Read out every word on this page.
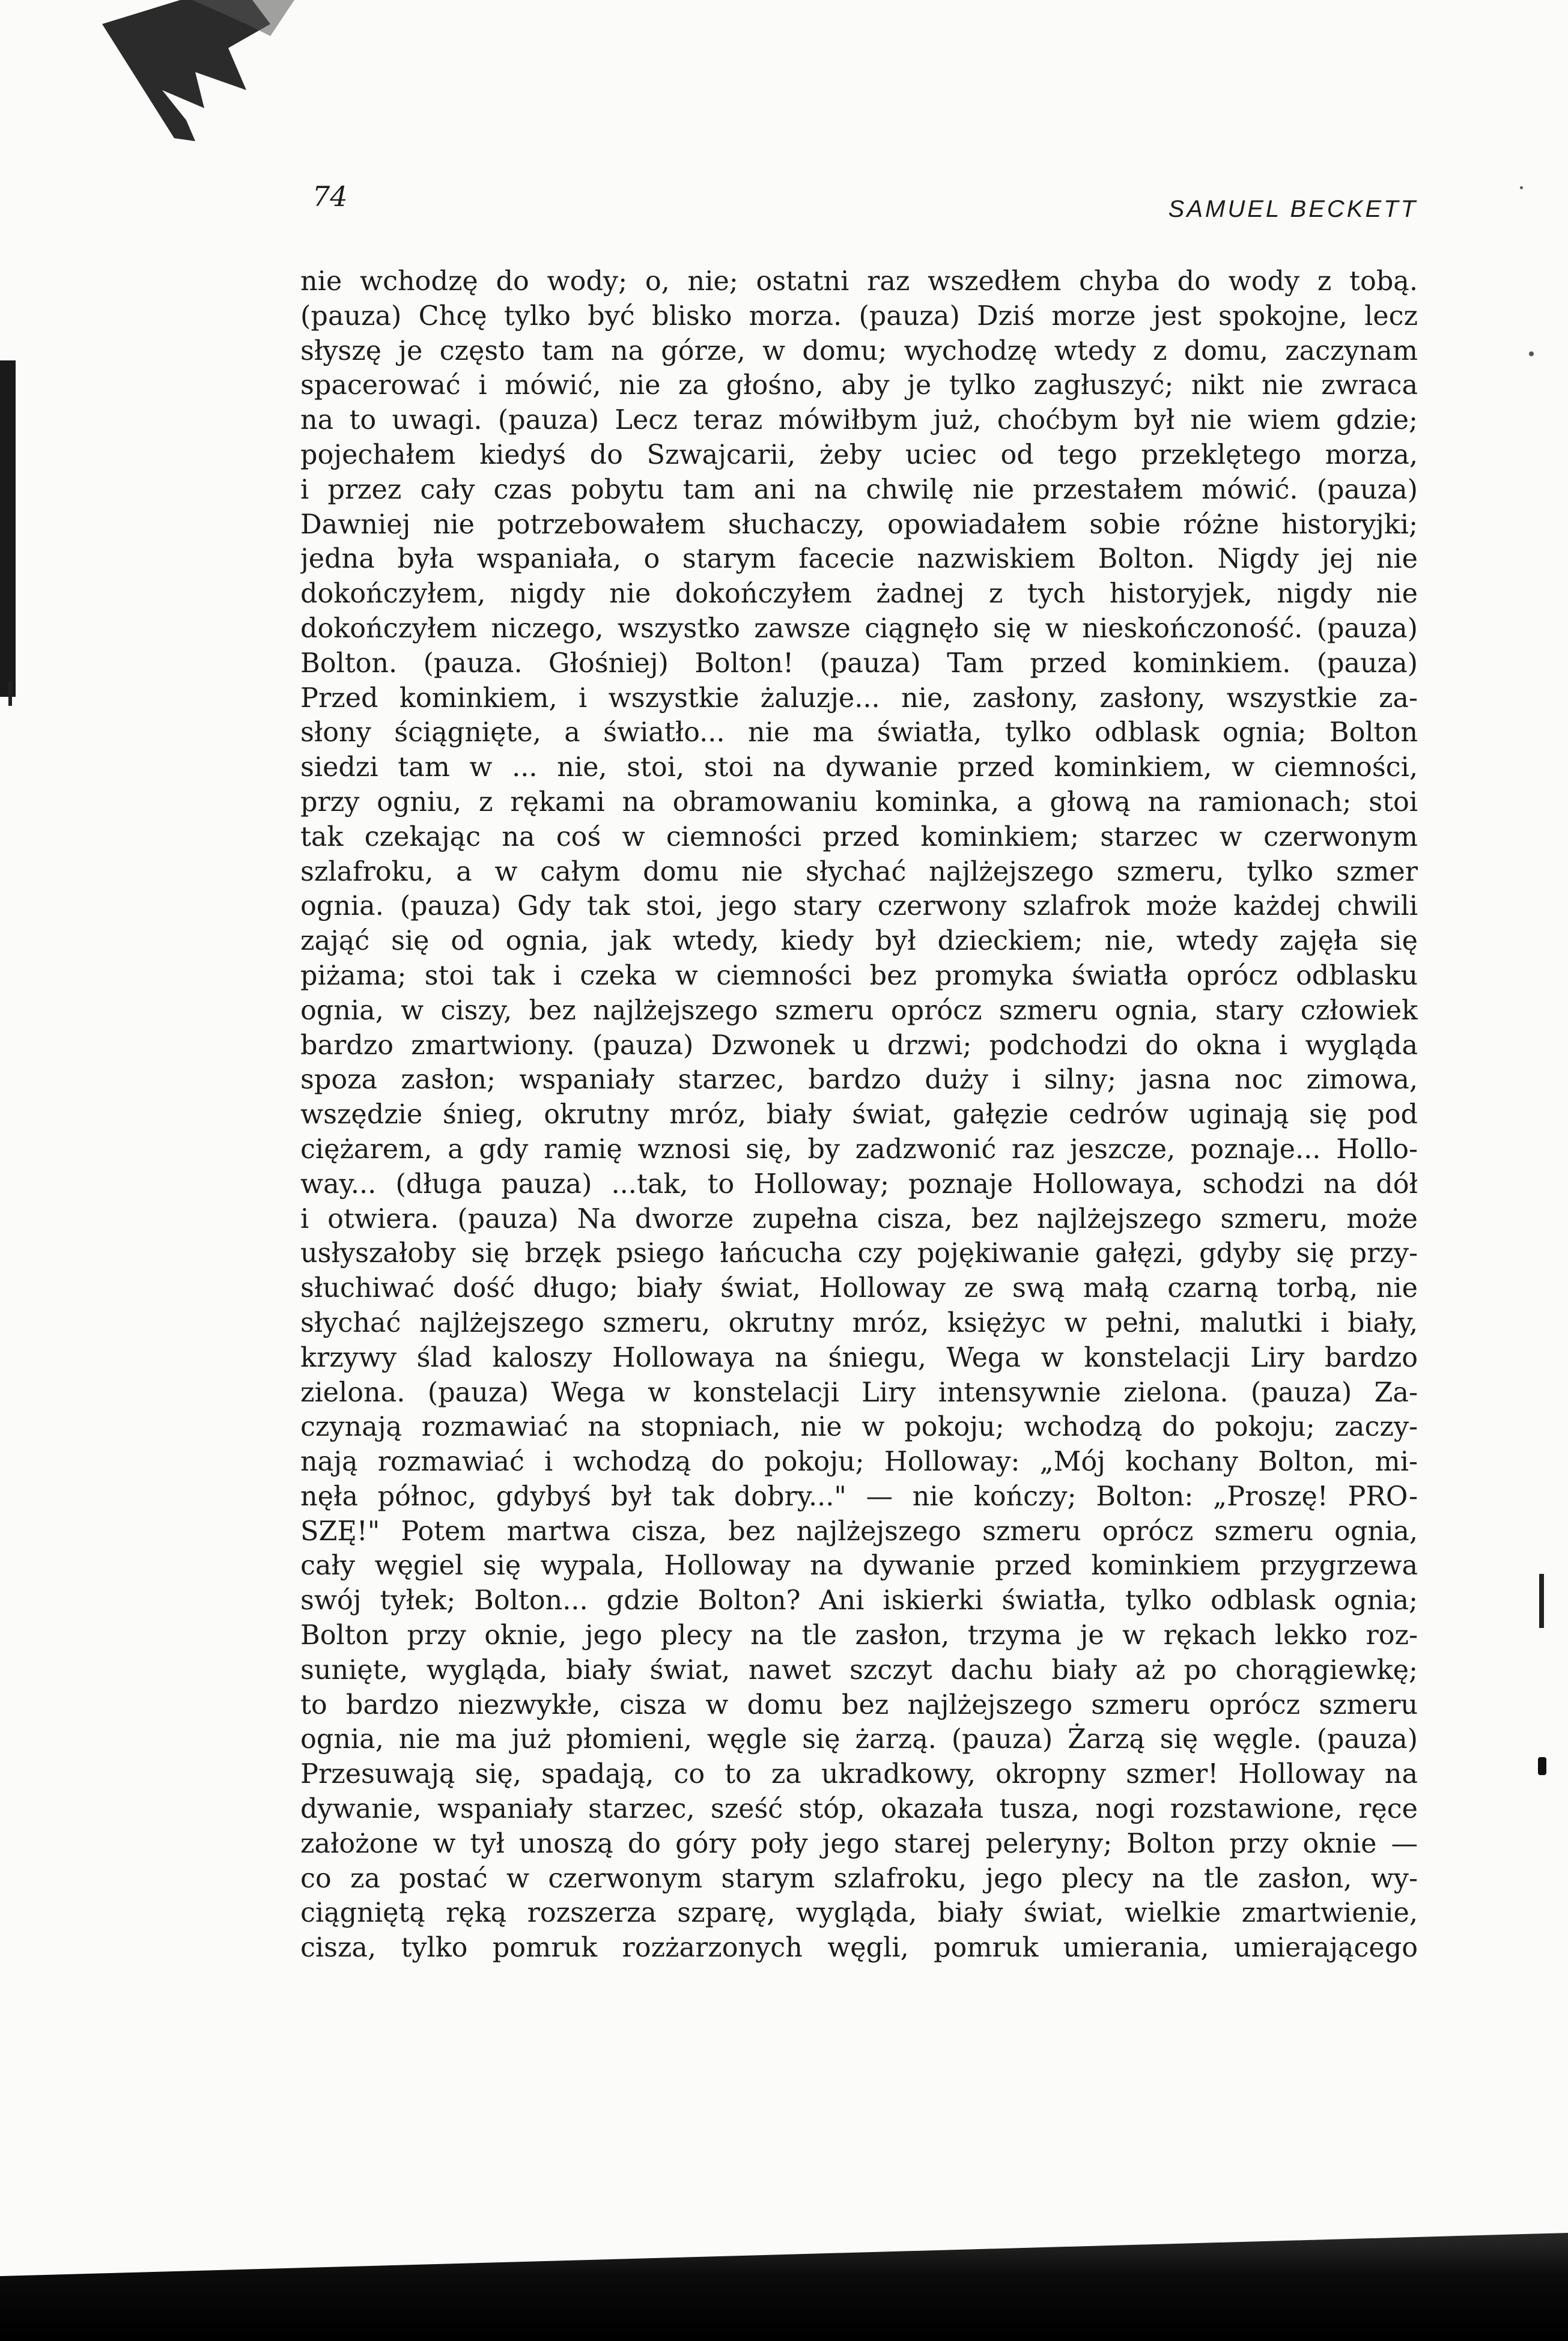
74	SAMUEL BECKETT
nie wchodzę do wody; o, nie; ostatni raz wszedłem chyba do wody z tobą.
(pauza) Chcę tylko być blisko morza. (pauza) Dziś morze jest spokojne, lecz
słyszę je często tam na górze, w domu; wychodzę wtedy z domu, zaczynam
spacerować i mówić, nie za głośno, aby je tylko zagłuszyć; nikt nie zwraca
na to uwagi. (pauza) Lecz teraz mówiłbym już, choćbym był nie wiem gdzie;
pojechałem kiedyś do Szwajcarii, żeby uciec od tego przeklętego morza,
i przez cały czas pobytu tam ani na chwilę nie przestałem mówić. (pauza)
Dawniej nie potrzebowałem słuchaczy, opowiadałem sobie różne historyjki;
jedna była wspaniała, o starym facecie nazwiskiem Bolton. Nigdy jej nie
dokończyłem, nigdy nie dokończyłem żadnej z tych historyjek, nigdy nie
dokończyłem niczego, wszystko zawsze ciągnęło się w nieskończoność. (pauza)
Bolton. (pauza. Głośniej) Bolton! (pauza) Tam przed kominkiem. (pauza)
Przed kominkiem, i wszystkie żaluzje... nie, zasłony, zasłony, wszystkie za-
słony ściągnięte, a światło... nie ma światła, tylko odblask ognia; Bolton
siedzi tam w ... nie, stoi, stoi na dywanie przed kominkiem, w ciemności,
przy ogniu, z rękami na obramowaniu kominka, a głową na ramionach; stoi
tak czekając na coś w ciemności przed kominkiem; starzec w czerwonym
szlafroku, a w całym domu nie słychać najlżejszego szmeru, tylko szmer
ognia. (pauza) Gdy tak stoi, jego stary czerwony szlafrok może każdej chwili
zająć się od ognia, jak wtedy, kiedy był dzieckiem; nie, wtedy zajęła się
piżama; stoi tak i czeka w ciemności bez promyka światła oprócz odblasku
ognia, w ciszy, bez najlżejszego szmeru oprócz szmeru ognia, stary człowiek
bardzo zmartwiony. (pauza) Dzwonek u drzwi; podchodzi do okna i wygląda
spoza zasłon; wspaniały starzec, bardzo duży i silny; jasna noc zimowa,
wszędzie śnieg, okrutny mróz, biały świat, gałęzie cedrów uginają się pod
ciężarem, a gdy ramię wznosi się, by zadzwonić raz jeszcze, poznaje... Hollo-
way... (długa pauza) ...tak, to Holloway; poznaje Hollowaya, schodzi na dół
i otwiera. (pauza) Na dworze zupełna cisza, bez najlżejszego szmeru, może
usłyszałoby się brzęk psiego łańcucha czy pojękiwanie gałęzi, gdyby się przy-
słuchiwać dość długo; biały świat, Holloway ze swą małą czarną torbą, nie
słychać najlżejszego szmeru, okrutny mróz, księżyc w pełni, malutki i biały,
krzywy ślad kaloszy Hollowaya na śniegu, Wega w konstelacji Liry bardzo
zielona. (pauza) Wega w konstelacji Liry intensywnie zielona. (pauza) Za-
czynają rozmawiać na stopniach, nie w pokoju; wchodzą do pokoju; zaczy-
nają rozmawiać i wchodzą do pokoju; Holloway: „Mój kochany Bolton, mi-
nęła północ, gdybyś był tak dobry..." — nie kończy; Bolton: „Proszę! PRO-
SZĘ!" Potem martwa cisza, bez najlżejszego szmeru oprócz szmeru ognia,
cały węgiel się wypala, Holloway na dywanie przed kominkiem przygrzewa
swój tyłek; Bolton... gdzie Bolton? Ani iskierki światła, tylko odblask ognia;
Bolton przy oknie, jego plecy na tle zasłon, trzyma je w rękach lekko roz-
sunięte, wygląda, biały świat, nawet szczyt dachu biały aż po chorągiewkę;
to bardzo niezwykłe, cisza w domu bez najlżejszego szmeru oprócz szmeru
ognia, nie ma już płomieni, węgle się żarzą. (pauza) Żarzą się węgle. (pauza)
Przesuwają się, spadają, co to za ukradkowy, okropny szmer! Holloway na
dywanie, wspaniały starzec, sześć stóp, okazała tusza, nogi rozstawione, ręce
założone w tył unoszą do góry poły jego starej peleryny; Bolton przy oknie —
co za postać w czerwonym starym szlafroku, jego plecy na tle zasłon, wy-
ciągniętą ręką rozszerza szparę, wygląda, biały świat, wielkie zmartwienie,
cisza, tylko pomruk rozżarzonych węgli, pomruk umierania, umierającego
